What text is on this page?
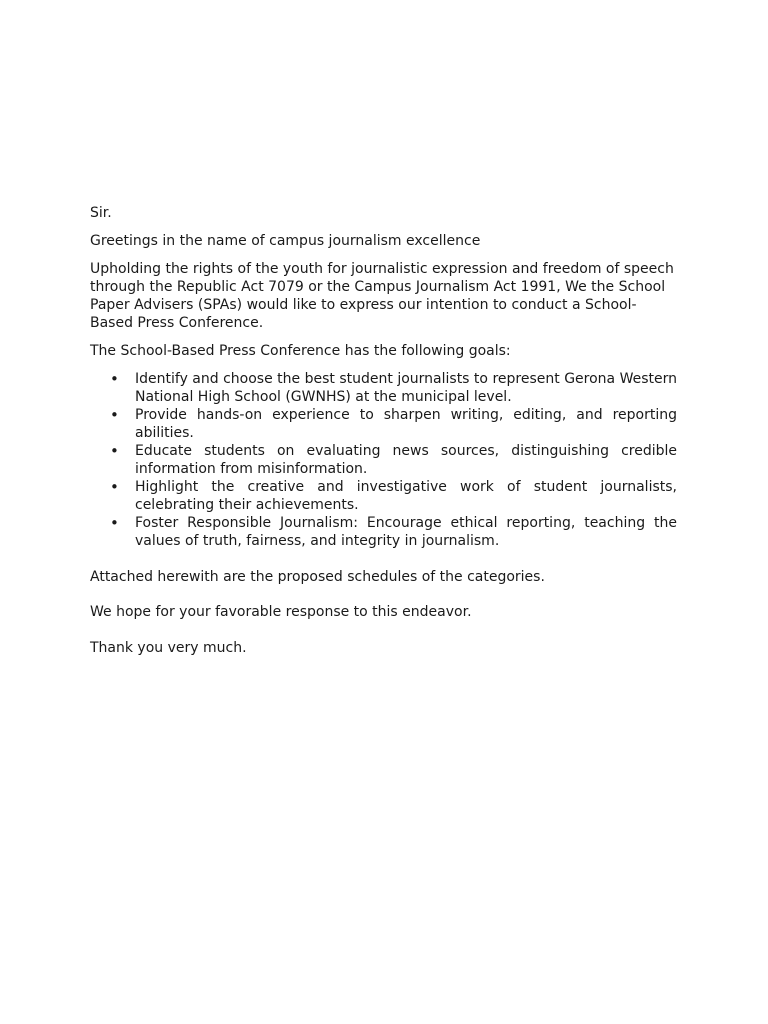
Sir.

Greetings in the name of campus journalism excellence

Upholding the rights of the youth for journalistic expression and freedom of speech through the Republic Act 7079 or the Campus Journalism Act 1991, We the School Paper Advisers (SPAs) would like to express our intention to conduct a School-Based Press Conference.

The School-Based Press Conference has the following goals:

• Identify and choose the best student journalists to represent Gerona Western National High School (GWNHS) at the municipal level.
• Provide hands-on experience to sharpen writing, editing, and reporting abilities.
• Educate students on evaluating news sources, distinguishing credible information from misinformation.
• Highlight the creative and investigative work of student journalists, celebrating their achievements.
• Foster Responsible Journalism: Encourage ethical reporting, teaching the values of truth, fairness, and integrity in journalism.

Attached herewith are the proposed schedules of the categories.

We hope for your favorable response to this endeavor.

Thank you very much.
